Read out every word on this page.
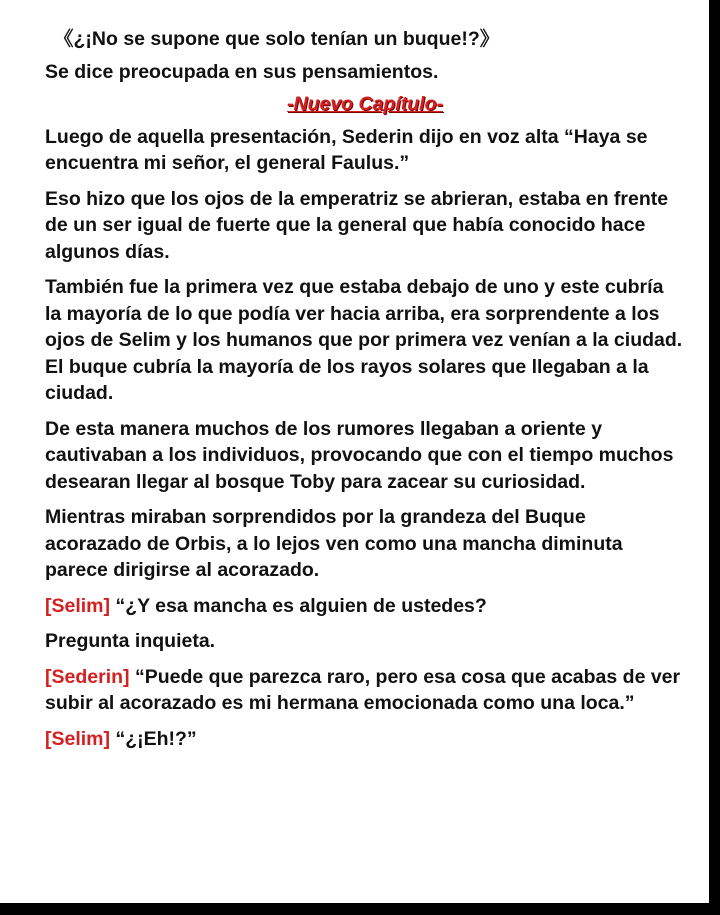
《¿¡No se supone que solo tenían un buque!?》

Se dice preocupada en sus pensamientos.

-Nuevo Capítulo-

Luego de aquella presentación, Sederin dijo en voz alta “Haya se encuentra mi señor, el general Faulus.”

Eso hizo que los ojos de la emperatriz se abrieran, estaba en frente de un ser igual de fuerte que la general que había conocido hace algunos días.

También fue la primera vez que estaba debajo de uno y este cubría la mayoría de lo que podía ver hacia arriba, era sorprendente a los ojos de Selim y los humanos que por primera vez venían a la ciudad. El buque cubría la mayoría de los rayos solares que llegaban a la ciudad.

De esta manera muchos de los rumores llegaban a oriente y cautivaban a los individuos, provocando que con el tiempo muchos desearan llegar al bosque Toby para zacear su curiosidad.

Mientras miraban sorprendidos por la grandeza del Buque acorazado de Orbis, a lo lejos ven como una mancha diminuta parece dirigirse al acorazado.

[Selim] “¿Y esa mancha es alguien de ustedes?

Pregunta inquieta.

[Sederin] “Puede que parezca raro, pero esa cosa que acabas de ver subir al acorazado es mi hermana emocionada como una loca.”

[Selim] “¿¡Eh!?”
